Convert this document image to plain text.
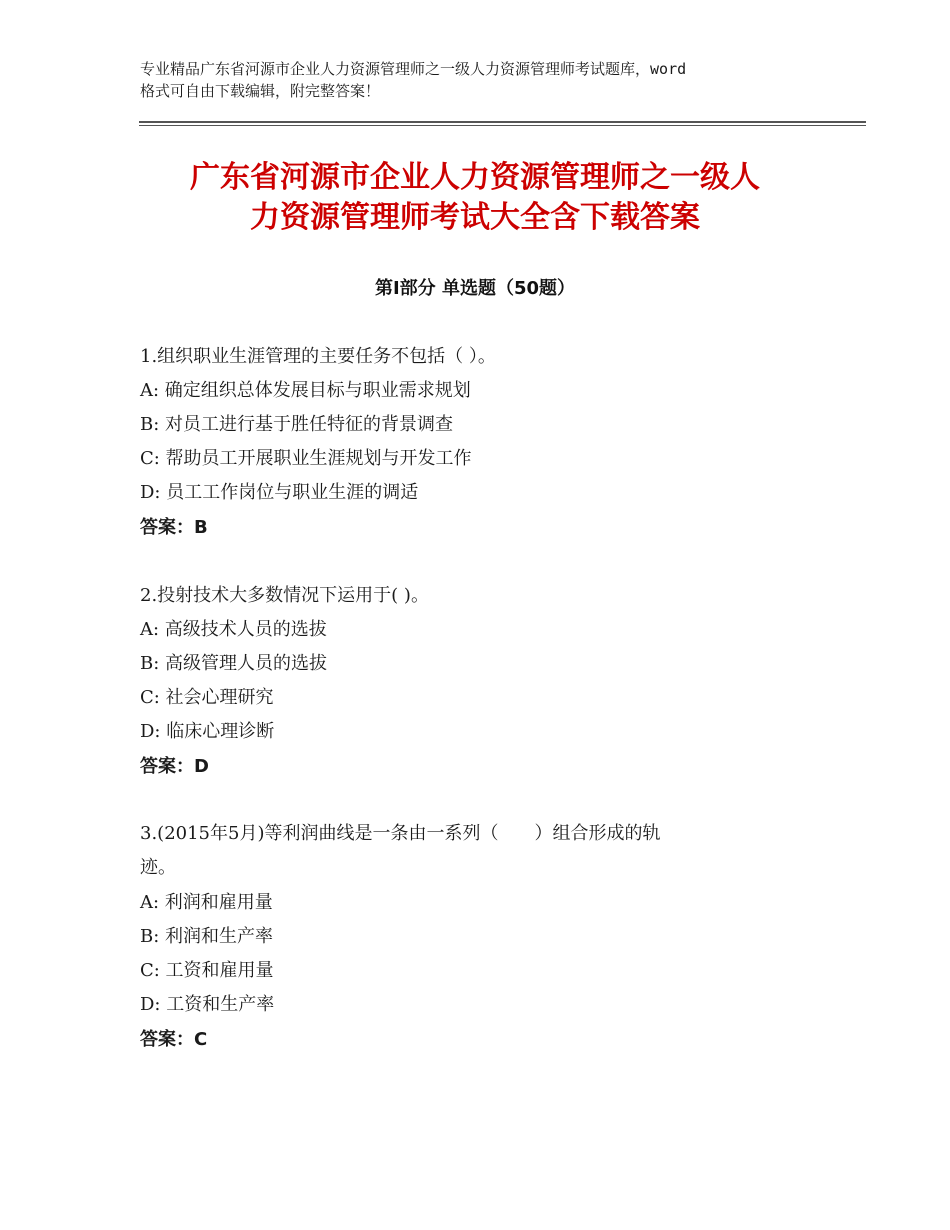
专业精品广东省河源市企业人力资源管理师之一级人力资源管理师考试题库，word
格式可自由下载编辑，附完整答案！
广东省河源市企业人力资源管理师之一级人
力资源管理师考试大全含下载答案
第Ⅰ部分 单选题（50题）
1.组织职业生涯管理的主要任务不包括（ ）。
A: 确定组织总体发展目标与职业需求规划
B: 对员工进行基于胜任特征的背景调查
C: 帮助员工开展职业生涯规划与开发工作
D: 员工工作岗位与职业生涯的调适
答案：B
2.投射技术大多数情况下运用于( )。
A: 高级技术人员的选拔
B: 高级管理人员的选拔
C: 社会心理研究
D: 临床心理诊断
答案：D
3.(2015年5月)等利润曲线是一条由一系列（　　）组合形成的轨
迹。
A: 利润和雇用量
B: 利润和生产率
C: 工资和雇用量
D: 工资和生产率
答案：C
